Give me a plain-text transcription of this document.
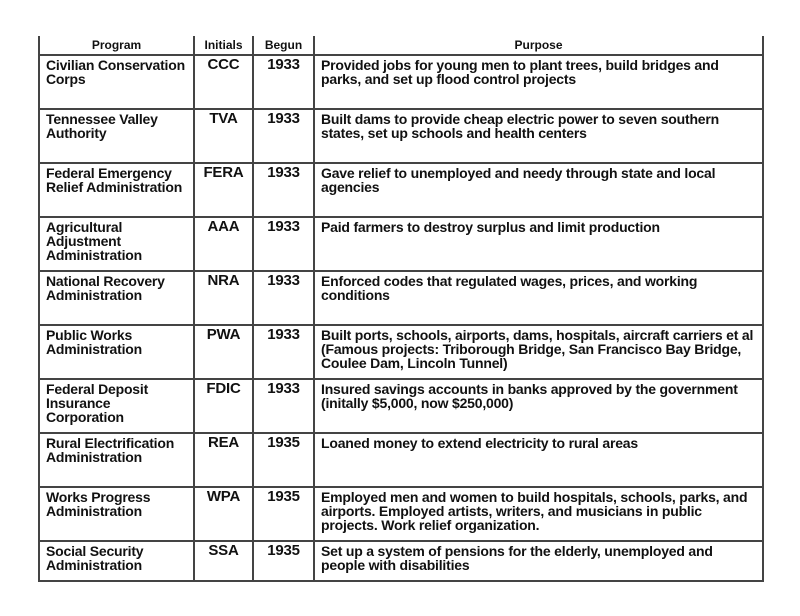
Program	Initials	Begun	Purpose
Civilian Conservation Corps	CCC	1933	Provided jobs for young men to plant trees, build bridges and parks, and set up flood control projects
Tennessee Valley Authority	TVA	1933	Built dams to provide cheap electric power to seven southern states, set up schools and health centers
Federal Emergency Relief Administration	FERA	1933	Gave relief to unemployed and needy through state and local agencies
Agricultural Adjustment Administration	AAA	1933	Paid farmers to destroy surplus and limit production
National Recovery Administration	NRA	1933	Enforced codes that regulated wages, prices, and working conditions
Public Works Administration	PWA	1933	Built ports, schools, airports, dams, hospitals, aircraft carriers et al (Famous projects: Triborough Bridge, San Francisco Bay Bridge, Coulee Dam, Lincoln Tunnel)
Federal Deposit Insurance Corporation	FDIC	1933	Insured savings accounts in banks approved by the government (initally $5,000, now $250,000)
Rural Electrification Administration	REA	1935	Loaned money to extend electricity to rural areas
Works Progress Administration	WPA	1935	Employed men and women to build hospitals, schools, parks, and airports. Employed artists, writers, and musicians in public projects. Work relief organization.
Social Security Administration	SSA	1935	Set up a system of pensions for the elderly, unemployed and people with disabilities
